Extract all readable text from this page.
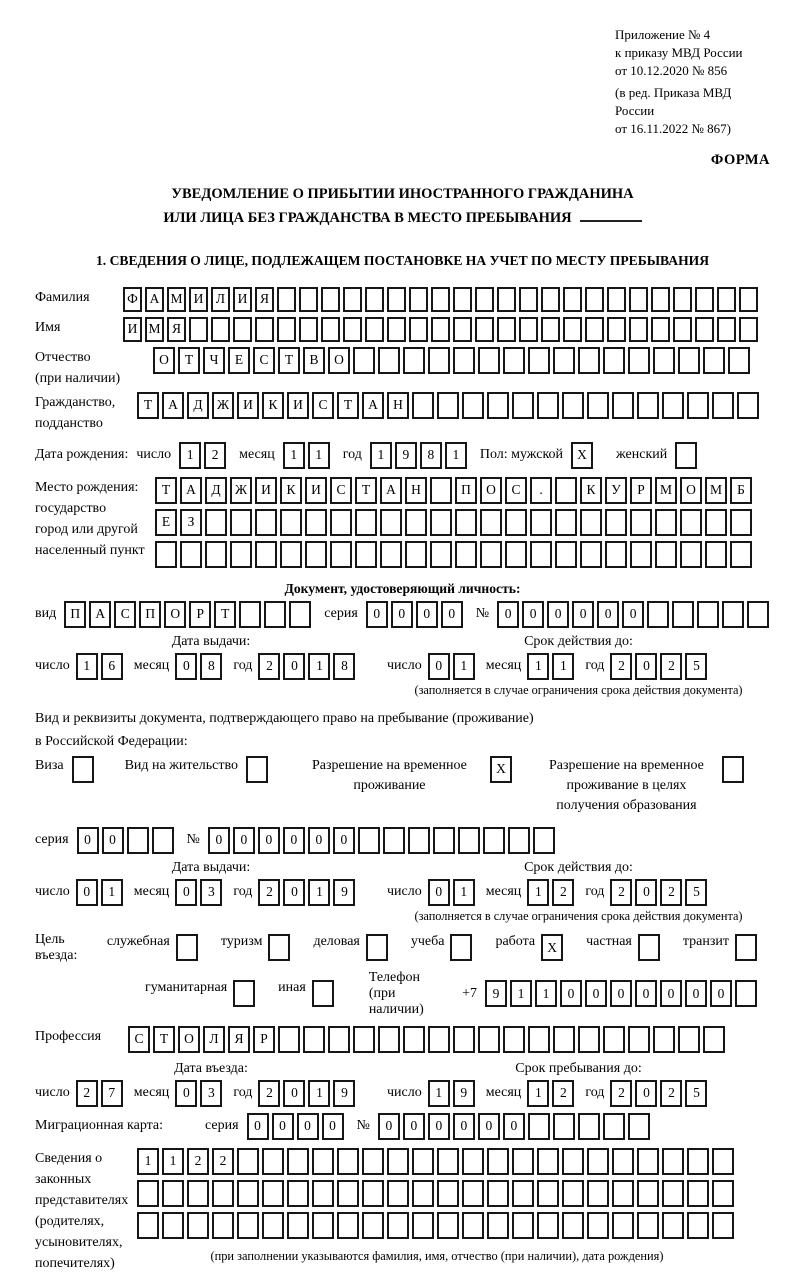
Приложение № 4
к приказу МВД России
от 10.12.2020 № 856
(в ред. Приказа МВД России
от 16.11.2022 № 867)
ФОРМА
УВЕДОМЛЕНИЕ О ПРИБЫТИИ ИНОСТРАННОГО ГРАЖДАНИНА
ИЛИ ЛИЦА БЕЗ ГРАЖДАНСТВА В МЕСТО ПРЕБЫВАНИЯ
1. СВЕДЕНИЯ О ЛИЦЕ, ПОДЛЕЖАЩЕМ ПОСТАНОВКЕ НА УЧЕТ ПО МЕСТУ ПРЕБЫВАНИЯ
Фамилия	Ф А М И Л И Я
Имя	И М Я
Отчество
(при наличии)
О	Т	Ч	Е	С	Т	В	О
Гражданство,
подданство
Т	А	Д	Ж	И	К	И	С	Т	А	Н
Дата рождения: число	1	2	месяц	1	1	год	1	9	8	1	Пол: мужской	X	женский
Место рождения:
государство
город или другой
населенный пункт
Т	А	Д	Ж	И	К	И	С	Т	А	Н	П	О	С	.	К	У	Р	М	О	М	Б
Е	З
Документ, удостоверяющий личность:
вид	П	А	С	П	О	Р	Т	серия	0	0	0	0	№	0	0	0	0	0	0
Дата выдачи:
число	1	6	месяц	0	8	год	2	0	1	8
Срок действия до:
число	0	1	месяц	1	1	год	2	0	2	5
(заполняется в случае ограничения срока действия документа)
Вид и реквизиты документа, подтверждающего право на пребывание (проживание)
в Российской Федерации:
Виза	Вид на жительство	Разрешение на временное проживание
X	Разрешение на временное проживание в целях получения образования
серия	0	0	№	0	0	0	0	0	0
Дата выдачи:
число	0	1	месяц	0	3	год	2	0	1	9
Срок действия до:
число	0	1	месяц	1	2	год	2	0	2	5
(заполняется в случае ограничения срока действия документа)
Цель въезда:
служебная	туризм	деловая	учеба	работа X	частная	транзит
гуманитарная	иная
Телефон (при наличии)
+7	9	1	1	0	0	0	0	0	0	0
Профессия	С	Т	О	Л	Я	Р
Дата въезда:
число	2	7	месяц	0	3	год	2	0	1	9
Срок пребывания до:
число	1	9	месяц	1	2	год	2	0	2	5
Миграционная карта:	серия	0	0	0	0	№	0	0	0	0	0	0
Сведения о
законных
представителях
(родителях,
усыновителях,
попечителях)
1	1	2	2
(при заполнении указываются фамилия, имя, отчество (при наличии), дата рождения)
